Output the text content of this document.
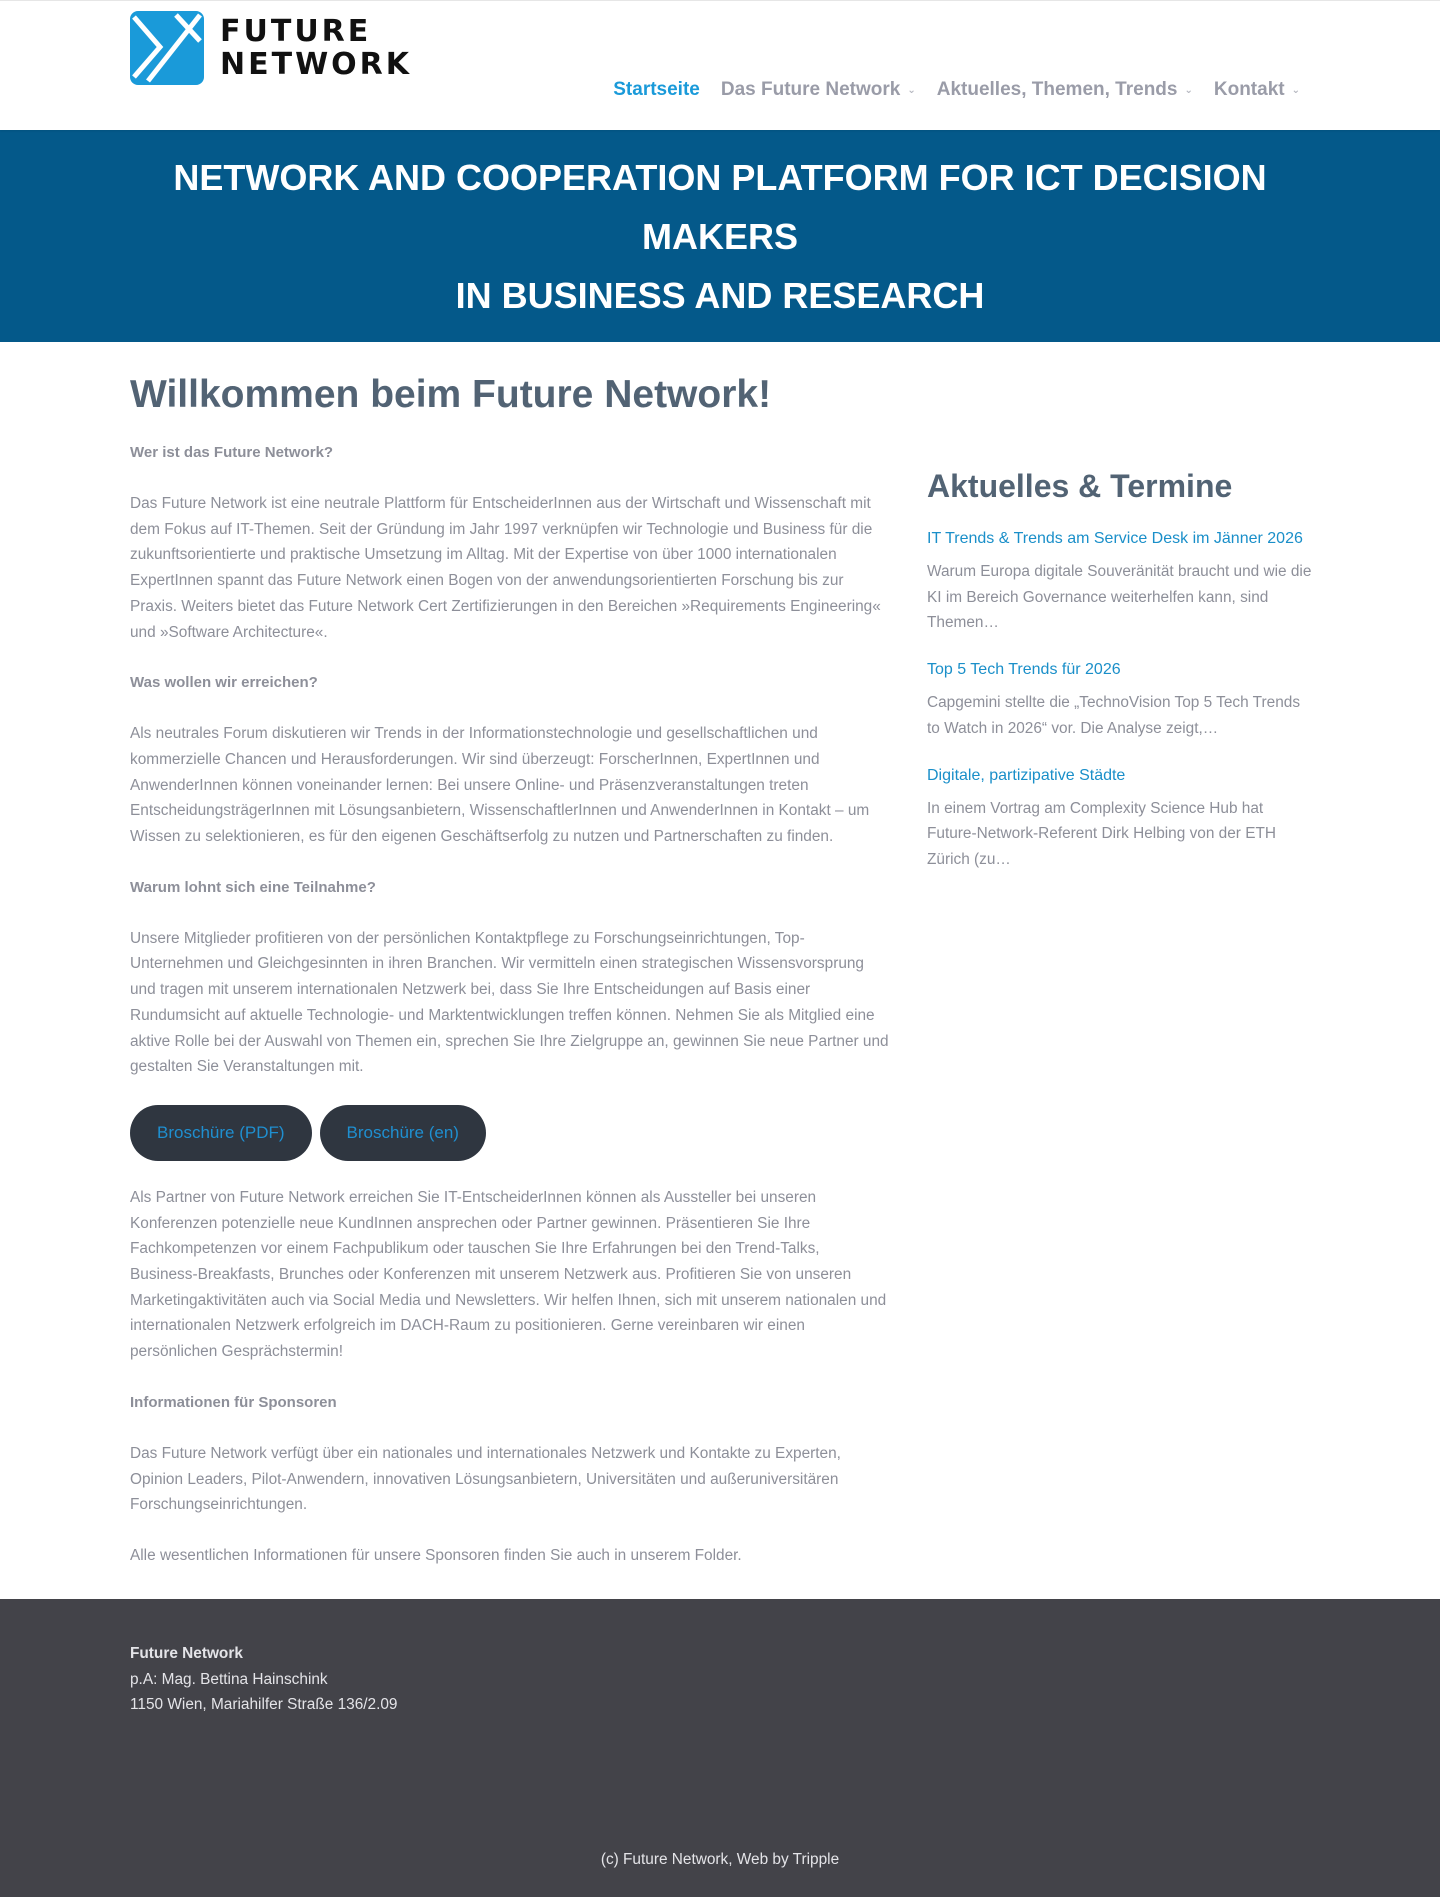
FUTURE
NETWORK
Startseite Das Future Network ⌄ Aktuelles, Themen, Trends ⌄ Kontakt ⌄
NETWORK AND COOPERATION PLATFORM FOR ICT DECISION MAKERS
IN BUSINESS AND RESEARCH
Willkommen beim Future Network!
Wer ist das Future Network?

Das Future Network ist eine neutrale Plattform für EntscheiderInnen aus der Wirtschaft und Wissenschaft mit dem Fokus auf IT-Themen. Seit der Gründung im Jahr 1997 verknüpfen wir Technologie und Business für die zukunftsorientierte und praktische Umsetzung im Alltag. Mit der Expertise von über 1000 internationalen ExpertInnen spannt das Future Network einen Bogen von der anwendungsorientierten Forschung bis zur Praxis. Weiters bietet das Future Network Cert Zertifizierungen in den Bereichen »Requirements Engineering« und »Software Architecture«.

Was wollen wir erreichen?

Als neutrales Forum diskutieren wir Trends in der Informationstechnologie und gesellschaftlichen und kommerzielle Chancen und Herausforderungen. Wir sind überzeugt: ForscherInnen, ExpertInnen und AnwenderInnen können voneinander lernen: Bei unsere Online- und Präsenzveranstaltungen treten EntscheidungsträgerInnen mit Lösungsanbietern, WissenschaftlerInnen und AnwenderInnen in Kontakt – um Wissen zu selektionieren, es für den eigenen Geschäftserfolg zu nutzen und Partnerschaften zu finden.

Warum lohnt sich eine Teilnahme?

Unsere Mitglieder profitieren von der persönlichen Kontaktpflege zu Forschungseinrichtungen, Top-Unternehmen und Gleichgesinnten in ihren Branchen. Wir vermitteln einen strategischen Wissensvorsprung und tragen mit unserem internationalen Netzwerk bei, dass Sie Ihre Entscheidungen auf Basis einer Rundumsicht auf aktuelle Technologie- und Marktentwicklungen treffen können. Nehmen Sie als Mitglied eine aktive Rolle bei der Auswahl von Themen ein, sprechen Sie Ihre Zielgruppe an, gewinnen Sie neue Partner und gestalten Sie Veranstaltungen mit.

Broschüre (PDF)	Broschüre (en)

Als Partner von Future Network erreichen Sie IT-EntscheiderInnen können als Aussteller bei unseren Konferenzen potenzielle neue KundInnen ansprechen oder Partner gewinnen. Präsentieren Sie Ihre Fachkompetenzen vor einem Fachpublikum oder tauschen Sie Ihre Erfahrungen bei den Trend-Talks, Business-Breakfasts, Brunches oder Konferenzen mit unserem Netzwerk aus. Profitieren Sie von unseren Marketingaktivitäten auch via Social Media und Newsletters. Wir helfen Ihnen, sich mit unserem nationalen und internationalen Netzwerk erfolgreich im DACH-Raum zu positionieren. Gerne vereinbaren wir einen persönlichen Gesprächstermin!

Informationen für Sponsoren

Das Future Network verfügt über ein nationales und internationales Netzwerk und Kontakte zu Experten, Opinion Leaders, Pilot-Anwendern, innovativen Lösungsanbietern, Universitäten und außeruniversitären Forschungseinrichtungen.

Alle wesentlichen Informationen für unsere Sponsoren finden Sie auch in unserem Folder.

Aktuelles & Termine
IT Trends & Trends am Service Desk im Jänner 2026
Warum Europa digitale Souveränität braucht und wie die KI im Bereich Governance weiterhelfen kann, sind Themen…
Top 5 Tech Trends für 2026
Capgemini stellte die „TechnoVision Top 5 Tech Trends to Watch in 2026“ vor. Die Analyse zeigt,…
Digitale, partizipative Städte
In einem Vortrag am Complexity Science Hub hat Future-Network-Referent Dirk Helbing von der ETH Zürich (zu…
Future Network
p.A: Mag. Bettina Hainschink
1150 Wien, Mariahilfer Straße 136/2.09
(c) Future Network, Web by Tripple
